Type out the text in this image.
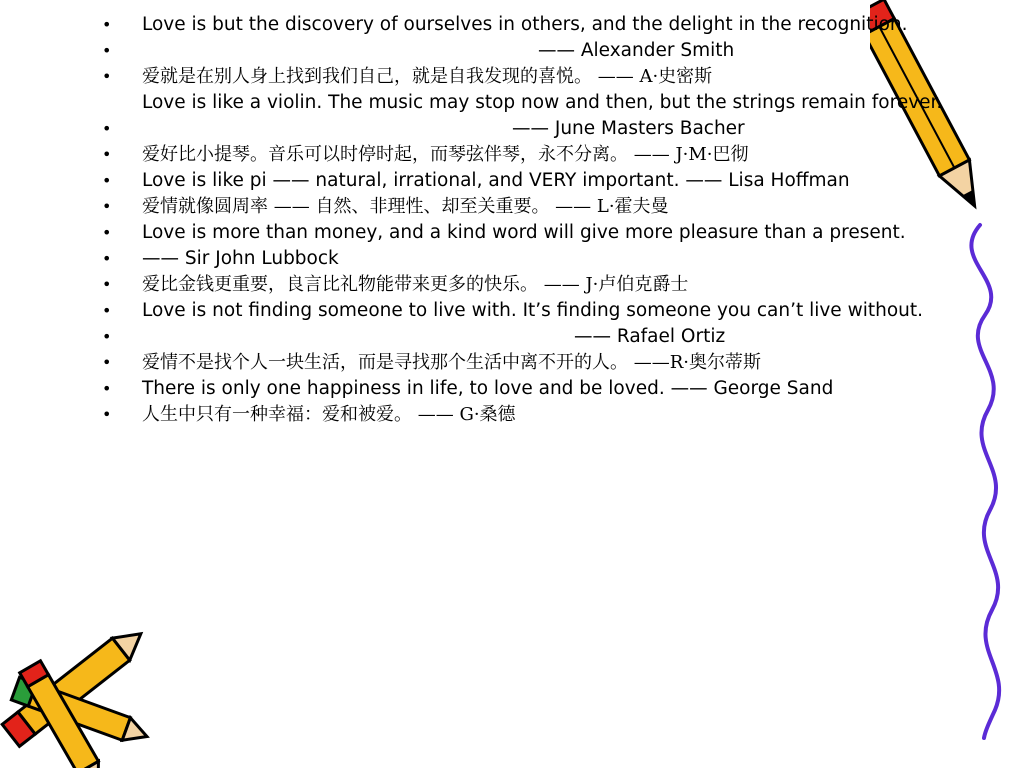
• Love is but the discovery of ourselves in others, and the delight in the recognition.
•	—— Alexander Smith
• 爱就是在别人身上找到我们自己，就是自我发现的喜悦。 —— A·史密斯
Love is like a violin. The music may stop now and then, but the strings remain forever.
•	—— June Masters Bacher
• 爱好比小提琴。音乐可以时停时起，而琴弦伴琴，永不分离。 —— J·M·巴彻
• Love is like pi —— natural, irrational, and VERY important. —— Lisa Hoffman
• 爱情就像圆周率 —— 自然、非理性、却至关重要。 —— L·霍夫曼
• Love is more than money, and a kind word will give more pleasure than a present.
• —— Sir John Lubbock
• 爱比金钱更重要，良言比礼物能带来更多的快乐。 —— J·卢伯克爵士
• Love is not finding someone to live with. It’s finding someone you can’t live without.
•	—— Rafael Ortiz
• 爱情不是找个人一块生活，而是寻找那个生活中离不开的人。 ——R·奥尔蒂斯
• There is only one happiness in life, to love and be loved. —— George Sand
• 人生中只有一种幸福：爱和被爱。 —— G·桑德
